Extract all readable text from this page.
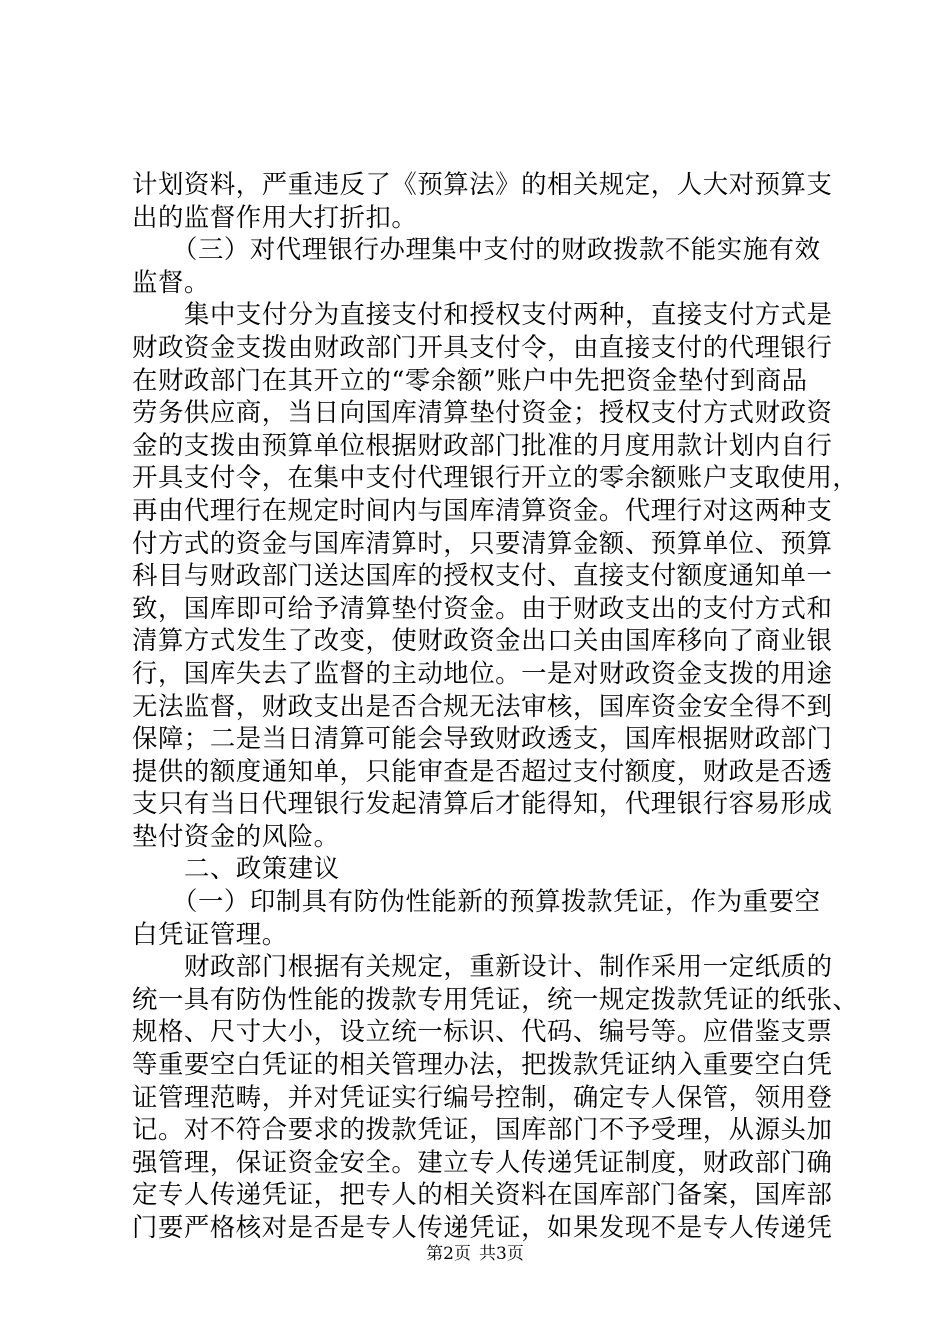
计划资料，严重违反了《预算法》的相关规定，人大对预算支
出的监督作用大打折扣。
（三）对代理银行办理集中支付的财政拨款不能实施有效
监督。
集中支付分为直接支付和授权支付两种，直接支付方式是
财政资金支拨由财政部门开具支付令，由直接支付的代理银行
在财政部门在其开立的“零余额”账户中先把资金垫付到商品
劳务供应商，当日向国库清算垫付资金；授权支付方式财政资
金的支拨由预算单位根据财政部门批准的月度用款计划内自行
开具支付令，在集中支付代理银行开立的零余额账户支取使用，
再由代理行在规定时间内与国库清算资金。代理行对这两种支
付方式的资金与国库清算时，只要清算金额、预算单位、预算
科目与财政部门送达国库的授权支付、直接支付额度通知单一
致，国库即可给予清算垫付资金。由于财政支出的支付方式和
清算方式发生了改变，使财政资金出口关由国库移向了商业银
行，国库失去了监督的主动地位。一是对财政资金支拨的用途
无法监督，财政支出是否合规无法审核，国库资金安全得不到
保障；二是当日清算可能会导致财政透支，国库根据财政部门
提供的额度通知单，只能审查是否超过支付额度，财政是否透
支只有当日代理银行发起清算后才能得知，代理银行容易形成
垫付资金的风险。
二、政策建议
（一）印制具有防伪性能新的预算拨款凭证，作为重要空
白凭证管理。
财政部门根据有关规定，重新设计、制作采用一定纸质的
统一具有防伪性能的拨款专用凭证，统一规定拨款凭证的纸张、
规格、尺寸大小，设立统一标识、代码、编号等。应借鉴支票
等重要空白凭证的相关管理办法，把拨款凭证纳入重要空白凭
证管理范畴，并对凭证实行编号控制，确定专人保管，领用登
记。对不符合要求的拨款凭证，国库部门不予受理，从源头加
强管理，保证资金安全。建立专人传递凭证制度，财政部门确
定专人传递凭证，把专人的相关资料在国库部门备案，国库部
门要严格核对是否是专人传递凭证，如果发现不是专人传递凭
第2页 共3页
